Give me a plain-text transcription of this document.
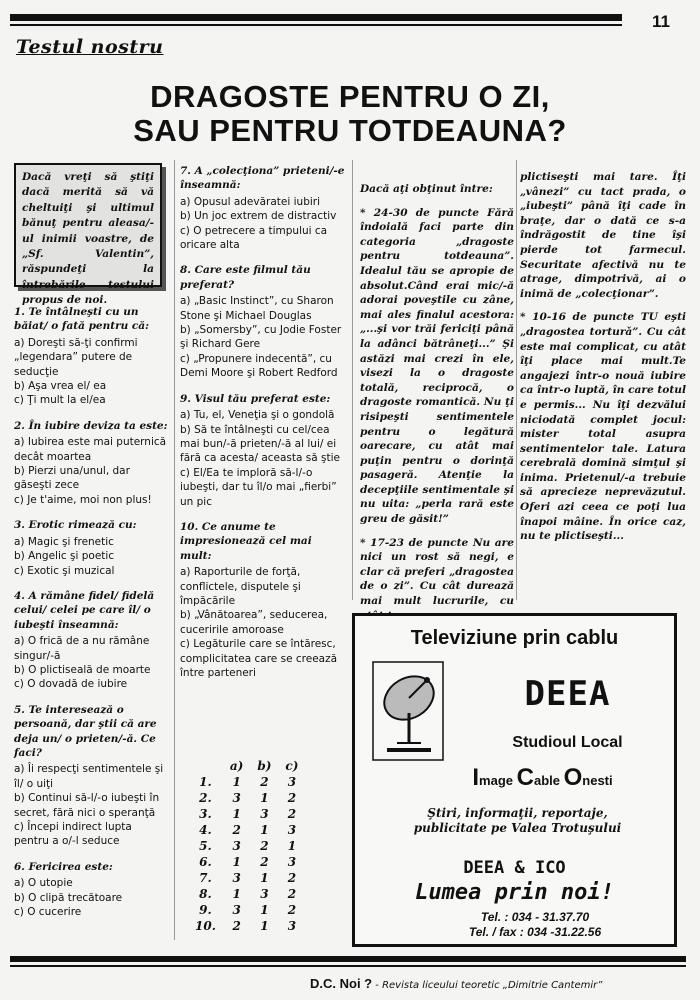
11
Testul nostru
DRAGOSTE PENTRU O ZI,
SAU PENTRU TOTDEAUNA?
Dacă vreţi să ştiţi dacă merită să vă cheltuiţi şi ultimul bănuţ pentru aleasa/-ul inimii voastre, de „Sf. Valentin”, răspundeţi la întrebările testului propus de noi.
1. Te întâlneşti cu un băiat/ o fată pentru că:
a) Doreşti să-ţi confirmi „legendara” putere de seducţie
b) Aşa vrea el/ ea
c) Ţi mult la el/ea
2. În iubire deviza ta este:
a) Iubirea este mai puternică decât moartea
b) Pierzi una/unul, dar găseşti zece
c) Je t'aime, moi non plus!
3. Erotic rimează cu:
a) Magic şi frenetic
b) Angelic şi poetic
c) Exotic şi muzical
4. A rămâne fidel/ fidelă celui/ celei pe care îl/ o iubeşti înseamnă:
a) O frică de a nu rămâne singur/-ă
b) O plictiseală de moarte
c) O dovadă de iubire
5. Te interesează o persoană, dar ştii că are deja un/ o prieten/-ă. Ce faci?
a) Îi respecţi sentimentele şi îl/ o uiţi
b) Continui să-l/-o iubeşti în secret, fără nici o speranţă
c) Începi indirect lupta pentru a o/-l seduce
6. Fericirea este:
a) O utopie
b) O clipă trecătoare
c) O cucerire
7. A „colecţiona” prieteni/-e înseamnă:
a) Opusul adevăratei iubiri
b) Un joc extrem de distractiv
c) O petrecere a timpului ca oricare alta
8. Care este filmul tău preferat?
a) „Basic Instinct”, cu Sharon Stone şi Michael Douglas
b) „Somersby”, cu Jodie Foster şi Richard Gere
c) „Propunere indecentă”, cu Demi Moore şi Robert Redford
9. Visul tău preferat este:
a) Tu, el, Veneţia şi o gondolă
b) Să te întâlneşti cu cel/cea mai bun/-ă prieten/-ă al lui/ ei fără ca acesta/ aceasta să ştie
c) El/Ea te imploră să-l/-o iubeşti, dar tu îl/o mai „fierbi” un pic
10. Ce anume te impresionează cel mai mult:
a) Raporturile de forţă, conflictele, disputele şi împăcările
b) „Vânătoarea”, seducerea, cuceririle amoroase
c) Legăturile care se întăresc, complicitatea care se creează între parteneri
	a)	b)	c)
1.	1	2	3
2.	3	1	2
3.	1	3	2
4.	2	1	3
5.	3	2	1
6.	1	2	3
7.	3	1	2
8.	1	3	2
9.	3	1	2
10.	2	1	3

Dacă aţi obţinut între:

* 24-30 de puncte Fără îndoială faci parte din categoria „dragoste pentru totdeauna”. Idealul tău se apropie de absolut.Când erai mic/-ă adorai poveştile cu zâne, mai ales finalul acestora: „...şi vor trăi fericiţi până la adânci bătrâneţi...” Şi astăzi mai crezi în ele, visezi la o dragoste totală, reciprocă, o dragoste romantică. Nu ţi risipeşti sentimentele pentru o legătură oarecare, cu atât mai puţin pentru o dorinţă pasageră. Atenţie la decepţiile sentimentale şi nu uita: „perla rară este greu de găsit!”

* 17-23 de puncte Nu are nici un rost să negi, e clar că preferi „dragostea de o zi”. Cu cât durează mai mult lucrurile, cu

plictiseşti mai tare. Îţi „vânezi” cu tact prada, o „iubeşti” până îţi cade în braţe, dar o dată ce s-a îndrăgostit de tine îşi pierde tot farmecul. Securitate afectivă nu te atrage, dimpotrivă, ai o inimă de „colecţionar”.

* 10-16 de puncte TU eşti „dragostea torturǎ”. Cu cât este mai complicat, cu atât îţi place mai mult.Te angajezi într-o nouă iubire ca într-o luptă, în care totul e permis... Nu îţi dezvălui niciodată complet jocul: mister total asupra sentimentelor tale. Latura cerebrală domină simţul şi inima. Prietenul/-a trebuie să aprecieze neprevăzutul. Oferi azi ceea ce poţi lua înapoi mâine. În orice caz, nu te plictiseşti...

Televiziune prin cablu
DEEA
Studioul Local
Image Cable Onesti
Ştiri, informaţii, reportaje,
publicitate pe Valea Trotuşului
DEEA & ICO
Lumea prin noi!
Tel. : 034 - 31.37.70
Tel. / fax : 034 -31.22.56
D.C. Noi ? - Revista liceului teoretic „Dimitrie Cantemir”
